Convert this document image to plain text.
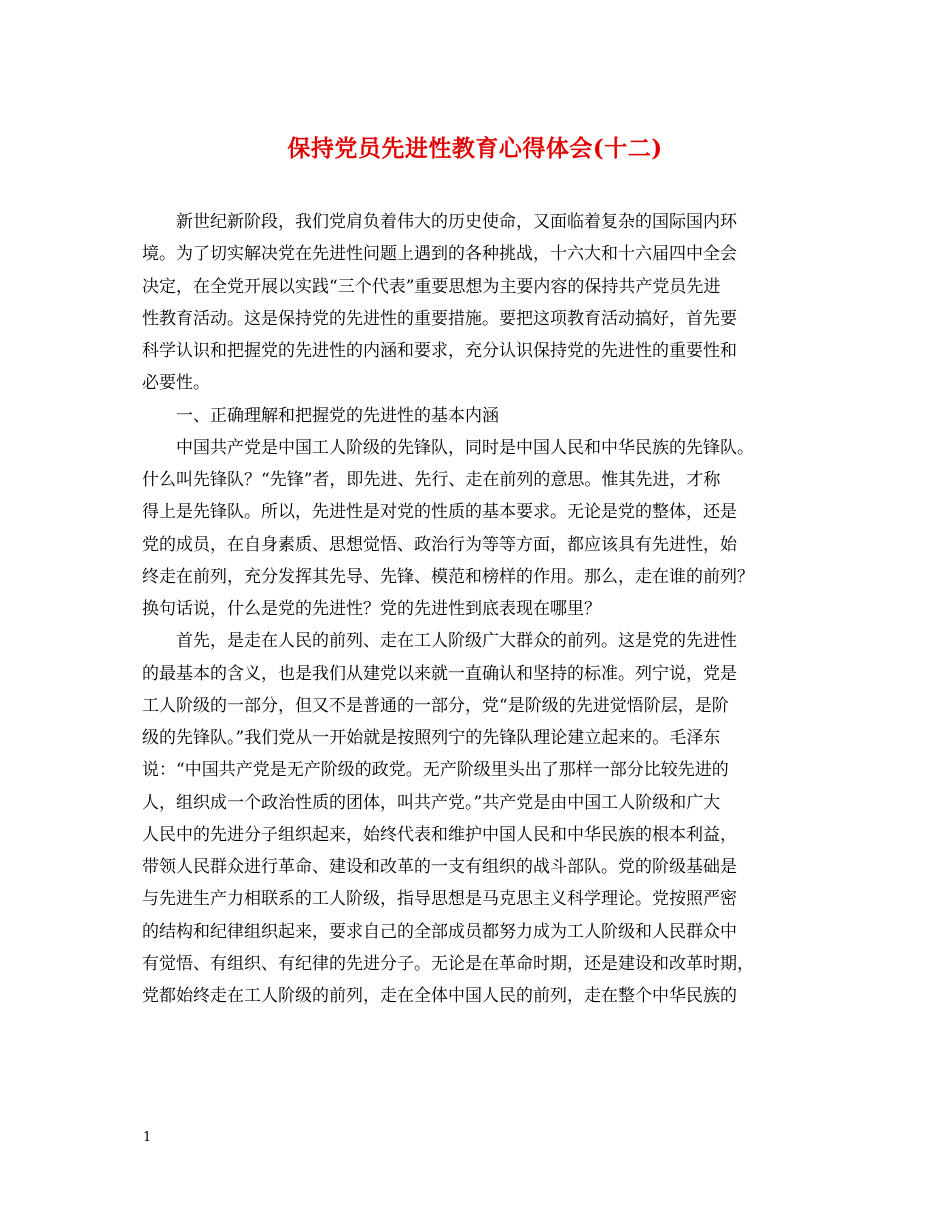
保持党员先进性教育心得体会(十二)

　　新世纪新阶段，我们党肩负着伟大的历史使命，又面临着复杂的国际国内环

境。为了切实解决党在先进性问题上遇到的各种挑战，十六大和十六届四中全会

决定，在全党开展以实践“三个代表”重要思想为主要内容的保持共产党员先进

性教育活动。这是保持党的先进性的重要措施。要把这项教育活动搞好，首先要

科学认识和把握党的先进性的内涵和要求，充分认识保持党的先进性的重要性和

必要性。

　　一、正确理解和把握党的先进性的基本内涵

　　中国共产党是中国工人阶级的先锋队，同时是中国人民和中华民族的先锋队。

什么叫先锋队？“先锋”者，即先进、先行、走在前列的意思。惟其先进，才称

得上是先锋队。所以，先进性是对党的性质的基本要求。无论是党的整体，还是

党的成员，在自身素质、思想觉悟、政治行为等等方面，都应该具有先进性，始

终走在前列，充分发挥其先导、先锋、模范和榜样的作用。那么，走在谁的前列？

换句话说，什么是党的先进性？党的先进性到底表现在哪里？

　　首先，是走在人民的前列、走在工人阶级广大群众的前列。这是党的先进性

的最基本的含义，也是我们从建党以来就一直确认和坚持的标准。列宁说，党是

工人阶级的一部分，但又不是普通的一部分，党“是阶级的先进觉悟阶层，是阶

级的先锋队。”我们党从一开始就是按照列宁的先锋队理论建立起来的。毛泽东

说：“中国共产党是无产阶级的政党。无产阶级里头出了那样一部分比较先进的

人，组织成一个政治性质的团体，叫共产党。”共产党是由中国工人阶级和广大

人民中的先进分子组织起来，始终代表和维护中国人民和中华民族的根本利益，

带领人民群众进行革命、建设和改革的一支有组织的战斗部队。党的阶级基础是

与先进生产力相联系的工人阶级，指导思想是马克思主义科学理论。党按照严密

的结构和纪律组织起来，要求自己的全部成员都努力成为工人阶级和人民群众中

有觉悟、有组织、有纪律的先进分子。无论是在革命时期，还是建设和改革时期，

党都始终走在工人阶级的前列，走在全体中国人民的前列，走在整个中华民族的

1
